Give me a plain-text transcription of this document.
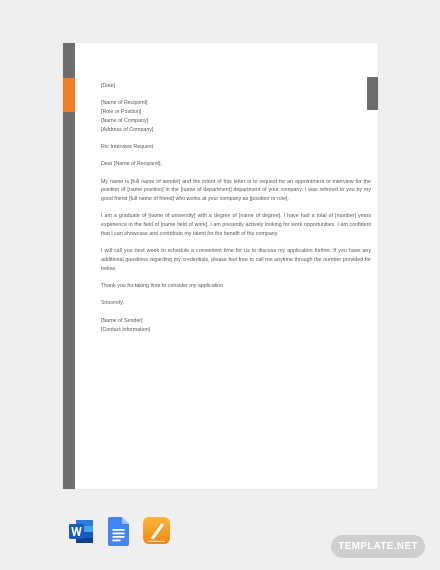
[Date]
[Name of Recipient]
[Role or Position]
[Name of Company]
[Address of Company]
Re: Interview Request
Dear [Name of Recipient],

My name is [full name of sender] and the intent of this letter is to request for an appointment or interview for the position of [name position] in the [name of department] department of your company. I was referred to you by my good friend [full name of friend] who works at your company as [position or role].

I am a graduate of [name of university] with a degree of [name of degree]. I have had a total of [number] years experience in the field of [name field of work]. I am presently actively looking for work opportunities. I am confident that I can showcase and contribute my talent for the benefit of the company.

I will call you next week to schedule a convenient time for us to discuss my application further. If you have any additional questions regarding my credentials, please feel free to call me anytime through the number provided for below.

Thank you for taking time to consider my application.

Sincerely,
[Name of Sender]
[Contact Information]
TEMPLATE.NET
